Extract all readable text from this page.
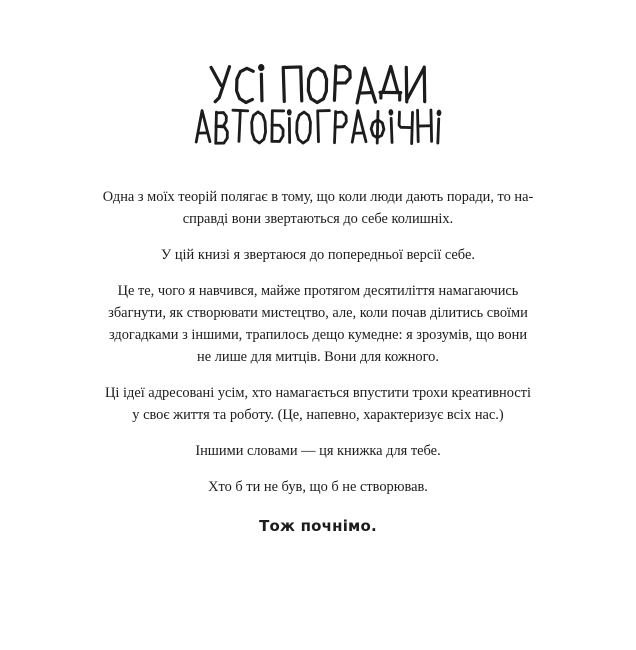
Одна з моїх теорій полягає в тому, що коли люди дають поради, то на-
справді вони звертаються до себе колишніх.

У цій книзі я звертаюся до попередньої версії себе.

Це те, чого я навчився, майже протягом десятиліття намагаючись
збагнути, як створювати мистецтво, але, коли почав ділитись своїми
здогадками з іншими, трапилось дещо кумедне: я зрозумів, що вони
не лише для митців. Вони для кожного.

Ці ідеї адресовані усім, хто намагається впустити трохи креативності
у своє життя та роботу. (Це, напевно, характеризує всіх нас.)

Іншими словами — ця книжка для тебе.

Хто б ти не був, що б не створював.

Тож почнімо.
